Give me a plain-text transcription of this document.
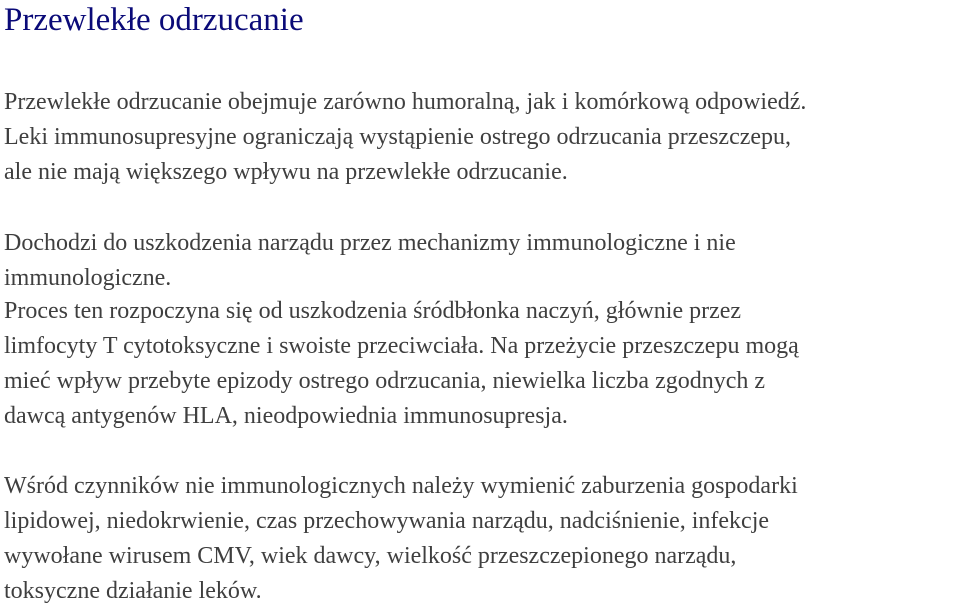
Przewlekłe odrzucanie

Przewlekłe odrzucanie obejmuje zarówno humoralną, jak i komórkową odpowiedź.
Leki immunosupresyjne ograniczają wystąpienie ostrego odrzucania przeszczepu,
ale nie mają większego wpływu na przewlekłe odrzucanie.

Dochodzi do uszkodzenia narządu przez mechanizmy immunologiczne i nie
immunologiczne.

Proces ten rozpoczyna się od uszkodzenia śródbłonka naczyń, głównie przez
limfocyty T cytotoksyczne i swoiste przeciwciała. Na przeżycie przeszczepu mogą
mieć wpływ przebyte epizody ostrego odrzucania, niewielka liczba zgodnych z
dawcą antygenów HLA, nieodpowiednia immunosupresja.

Wśród czynników nie immunologicznych należy wymienić zaburzenia gospodarki
lipidowej, niedokrwienie, czas przechowywania narządu, nadciśnienie, infekcje
wywołane wirusem CMV, wiek dawcy, wielkość przeszczepionego narządu,
toksyczne działanie leków.
